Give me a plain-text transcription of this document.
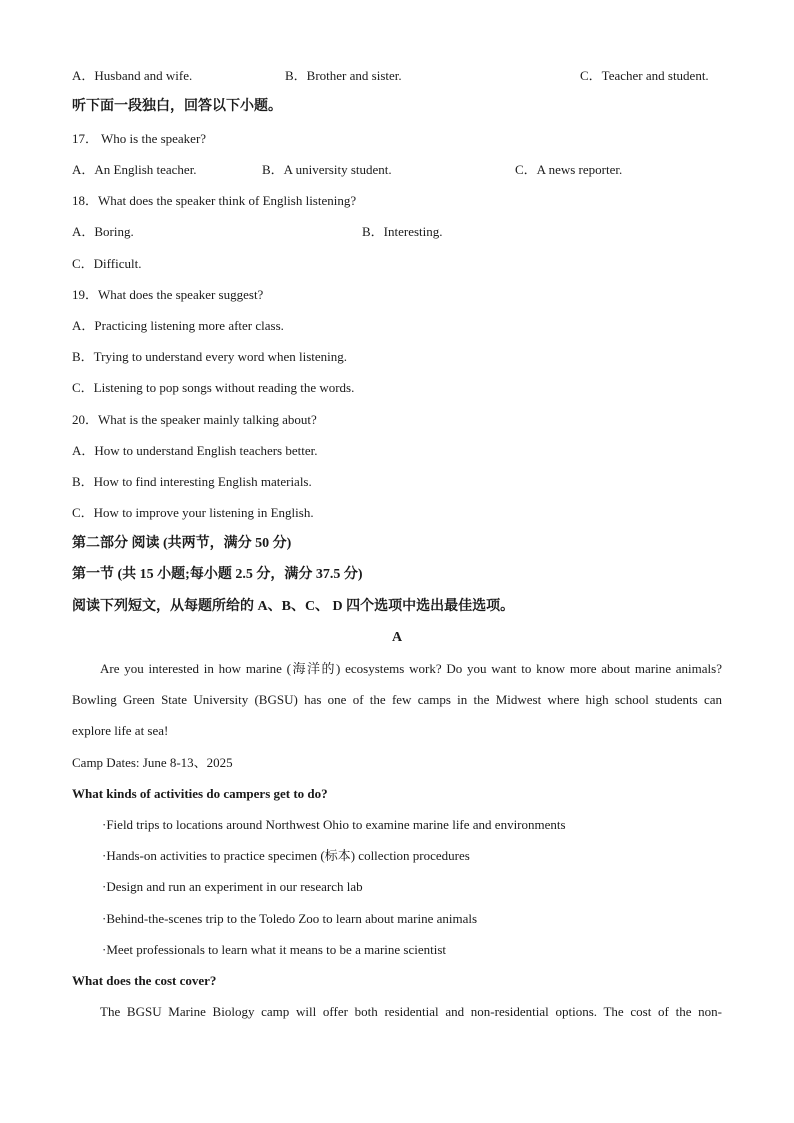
A．Husband and wife.	B．Brother and sister.	C．Teacher and student.
听下面一段独白，回答以下小题。
17． Who is the speaker?
A．An English teacher.	B．A university student.	C．A news reporter.
18．What does the speaker think of English listening?
A．Boring.	B．Interesting.
C．Difficult.
19．What does the speaker suggest?
A．Practicing listening more after class.
B．Trying to understand every word when listening.
C．Listening to pop songs without reading the words.
20．What is the speaker mainly talking about?
A．How to understand English teachers better.
B．How to find interesting English materials.
C．How to improve your listening in English.
第二部分 阅读 (共两节，满分 50 分)
第一节 (共 15 小题;每小题 2.5 分，满分 37.5 分)
阅读下列短文，从每题所给的 A、B、C、 D 四个选项中选出最佳选项。
A
Are you interested in how marine (海洋的) ecosystems work? Do you want to know more about marine animals?
Bowling Green State University (BGSU) has one of the few camps in the Midwest where high school students can
explore life at sea!
Camp Dates: June 8-13、2025
What kinds of activities do campers get to do?
·Field trips to locations around Northwest Ohio to examine marine life and environments
·Hands-on activities to practice specimen (标本) collection procedures
·Design and run an experiment in our research lab
·Behind-the-scenes trip to the Toledo Zoo to learn about marine animals
·Meet professionals to learn what it means to be a marine scientist
What does the cost cover?
The BGSU Marine Biology camp will offer both residential and non-residential options. The cost of the non-
